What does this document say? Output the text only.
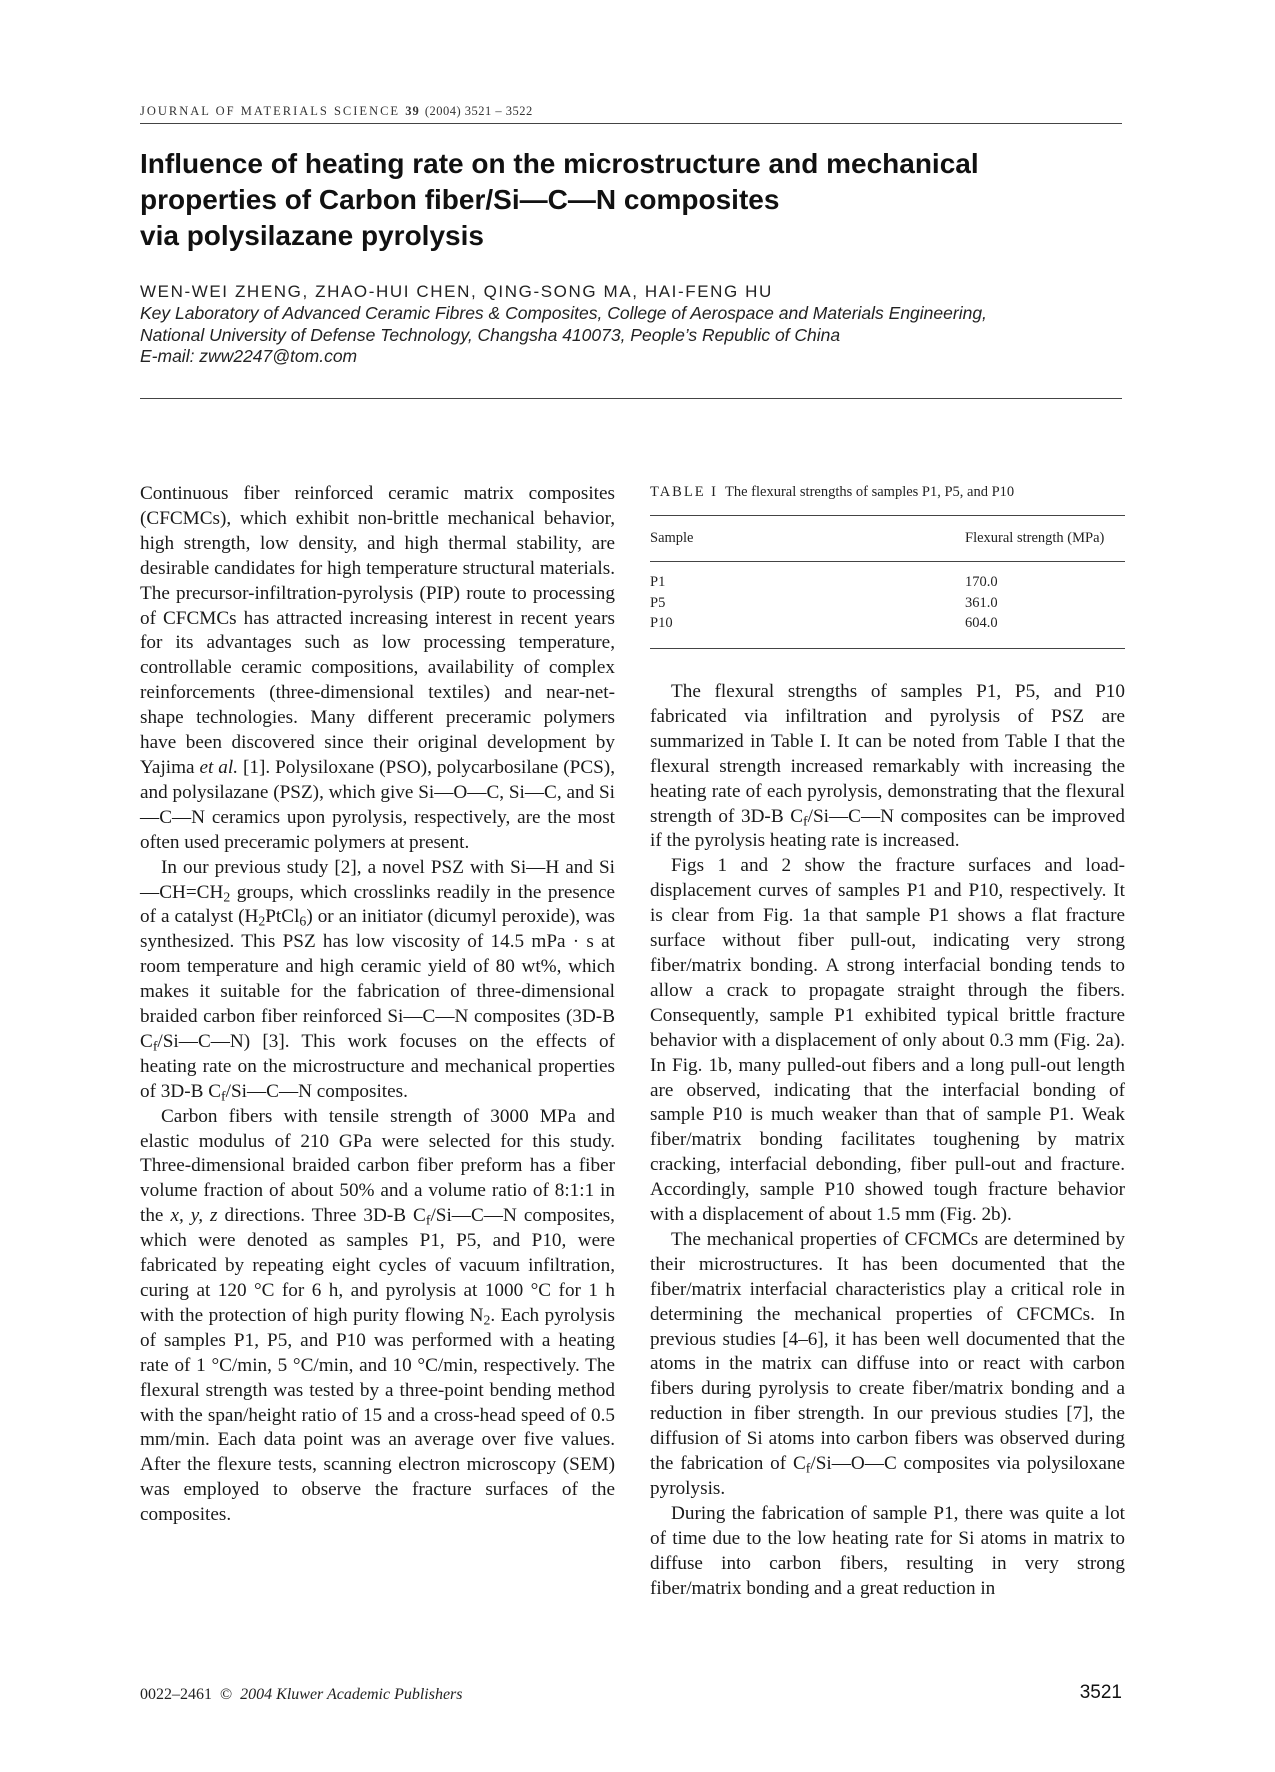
JOURNAL OF MATERIALS SCIENCE 39 (2004) 3521 – 3522
Influence of heating rate on the microstructure and mechanical
properties of Carbon fiber/Si—C—N composites
via polysilazane pyrolysis
WEN-WEI ZHENG, ZHAO-HUI CHEN, QING-SONG MA, HAI-FENG HU
Key Laboratory of Advanced Ceramic Fibres & Composites, College of Aerospace and Materials Engineering,
National University of Defense Technology, Changsha 410073, People’s Republic of China
E-mail: zww2247@tom.com

Continuous fiber reinforced ceramic matrix composites (CFCMCs), which exhibit non-brittle mechanical behavior, high strength, low density, and high thermal stability, are desirable candidates for high temperature structural materials. The precursor-infiltration-pyrolysis (PIP) route to processing of CFCMCs has attracted increasing interest in recent years for its advantages such as low processing temperature, controllable ceramic compositions, availability of complex reinforcements (three-dimensional textiles) and near-net-shape technologies. Many different preceramic polymers have been discovered since their original development by Yajima et al. [1]. Polysiloxane (PSO), polycarbosilane (PCS), and polysilazane (PSZ), which give Si—O—C, Si—C, and Si—C—N ceramics upon pyrolysis, respectively, are the most often used preceramic polymers at present.

In our previous study [2], a novel PSZ with Si—H and $Si—CH=CH_2$ groups, which crosslinks readily in the presence of a catalyst $(H_2PtCl_6)$ or an initiator (dicumyl peroxide), was synthesized. This PSZ has low viscosity of 14.5 mPa · s at room temperature and high ceramic yield of 80 wt%, which makes it suitable for the fabrication of three-dimensional braided carbon fiber reinforced Si—C—N composites (3D-B $C_f/Si—C—N$) [3]. This work focuses on the effects of heating rate on the microstructure and mechanical properties of 3D-B $C_f/Si—C—N$ composites.

Carbon fibers with tensile strength of 3000 MPa and elastic modulus of 210 GPa were selected for this study. Three-dimensional braided carbon fiber preform has a fiber volume fraction of about 50% and a volume ratio of 8:1:1 in the x, y, z directions. Three 3D-B $C_f/Si—C—N$ composites, which were denoted as samples P1, P5, and P10, were fabricated by repeating eight cycles of vacuum infiltration, curing at 120 °C for 6 h, and pyrolysis at 1000 °C for 1 h with the protection of high purity flowing $N_2$. Each pyrolysis of samples P1, P5, and P10 was performed with a heating rate of 1 °C/min, 5 °C/min, and 10 °C/min, respectively. The flexural strength was tested by a three-point bending method with the span/height ratio of 15 and a cross-head speed of 0.5 mm/min. Each data point was an average over five values. After the flexure tests, scanning electron microscopy (SEM) was employed to observe the fracture surfaces of the composites.

TABLE I The flexural strengths of samples P1, P5, and P10
Sample	Flexural strength (MPa)
P1	170.0
P5	361.0
P10	604.0

The flexural strengths of samples P1, P5, and P10 fabricated via infiltration and pyrolysis of PSZ are summarized in Table I. It can be noted from Table I that the flexural strength increased remarkably with increasing the heating rate of each pyrolysis, demonstrating that the flexural strength of 3D-B $C_f/Si—C—N$ composites can be improved if the pyrolysis heating rate is increased.

Figs 1 and 2 show the fracture surfaces and load-displacement curves of samples P1 and P10, respectively. It is clear from Fig. 1a that sample P1 shows a flat fracture surface without fiber pull-out, indicating very strong fiber/matrix bonding. A strong interfacial bonding tends to allow a crack to propagate straight through the fibers. Consequently, sample P1 exhibited typical brittle fracture behavior with a displacement of only about 0.3 mm (Fig. 2a). In Fig. 1b, many pulled-out fibers and a long pull-out length are observed, indicating that the interfacial bonding of sample P10 is much weaker than that of sample P1. Weak fiber/matrix bonding facilitates toughening by matrix cracking, interfacial debonding, fiber pull-out and fracture. Accordingly, sample P10 showed tough fracture behavior with a displacement of about 1.5 mm (Fig. 2b).

The mechanical properties of CFCMCs are determined by their microstructures. It has been documented that the fiber/matrix interfacial characteristics play a critical role in determining the mechanical properties of CFCMCs. In previous studies [4–6], it has been well documented that the atoms in the matrix can diffuse into or react with carbon fibers during pyrolysis to create fiber/matrix bonding and a reduction in fiber strength. In our previous studies [7], the diffusion of Si atoms into carbon fibers was observed during the fabrication of $C_f/Si—O—C$ composites via polysiloxane pyrolysis.

During the fabrication of sample P1, there was quite a lot of time due to the low heating rate for Si atoms in matrix to diffuse into carbon fibers, resulting in very strong fiber/matrix bonding and a great reduction in

0022–2461 © 2004 Kluwer Academic Publishers	3521
